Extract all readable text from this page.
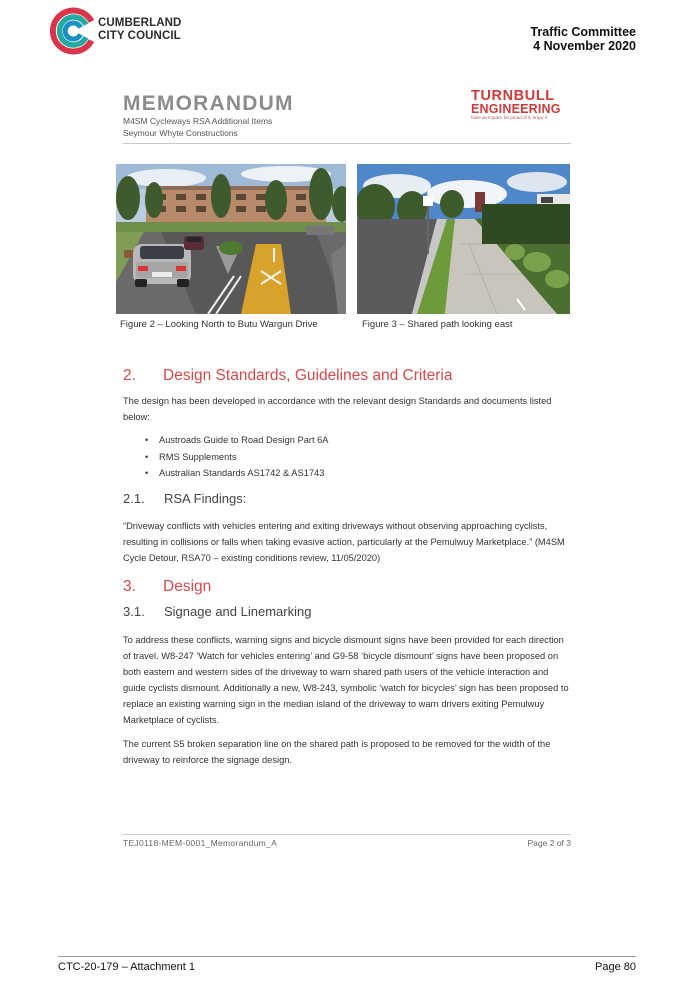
CUMBERLAND
CITY COUNCIL	Traffic Committee
4 November 2020
MEMORANDUM
M4SM Cycleways RSA Additional Items
Seymour Whyte Constructions
TURNBULL
ENGINEERING
have an impact, be proud of it, enjoy it
Figure 2 – Looking North to Butu Wargun Drive	Figure 3 – Shared path looking east
2. Design Standards, Guidelines and Criteria
The design has been developed in accordance with the relevant design Standards and documents listed below:
• Austroads Guide to Road Design Part 6A
• RMS Supplements
• Australian Standards AS1742 & AS1743
2.1. RSA Findings:
“Driveway conflicts with vehicles entering and exiting driveways without observing approaching cyclists, resulting in collisions or falls when taking evasive action, particularly at the Pemulwuy Marketplace.” (M4SM Cycle Detour, RSA70 – existing conditions review, 11/05/2020)
3. Design
3.1. Signage and Linemarking
To address these conflicts, warning signs and bicycle dismount signs have been provided for each direction of travel. W8-247 ‘Watch for vehicles entering’ and G9-58 ‘bicycle dismount’ signs have been proposed on both eastern and western sides of the driveway to warn shared path users of the vehicle interaction and guide cyclists dismount. Additionally a new, W8-243, symbolic ‘watch for bicycles’ sign has been proposed to replace an existing warning sign in the median island of the driveway to warn drivers exiting Pemulwuy Marketplace of cyclists.
The current S5 broken separation line on the shared path is proposed to be removed for the width of the driveway to reinforce the signage design.
TEJ0118-MEM-0001_Memorandum_A	Page 2 of 3
CTC-20-179 – Attachment 1	Page 80
